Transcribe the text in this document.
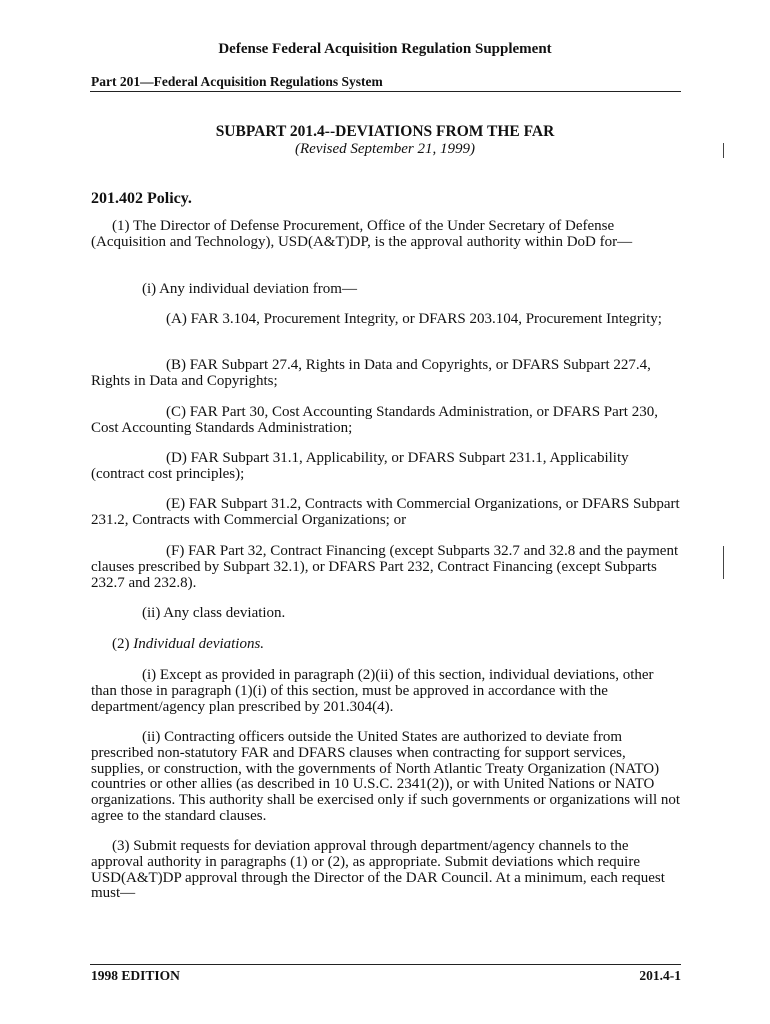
Defense Federal Acquisition Regulation Supplement
Part 201—Federal Acquisition Regulations System
SUBPART 201.4--DEVIATIONS FROM THE FAR
(Revised September 21, 1999)
201.402 Policy.
(1) The Director of Defense Procurement, Office of the Under Secretary of Defense (Acquisition and Technology), USD(A&T)DP, is the approval authority within DoD for—
(i) Any individual deviation from—
(A) FAR 3.104, Procurement Integrity, or DFARS 203.104, Procurement Integrity;
(B) FAR Subpart 27.4, Rights in Data and Copyrights, or DFARS Subpart 227.4, Rights in Data and Copyrights;
(C) FAR Part 30, Cost Accounting Standards Administration, or DFARS Part 230, Cost Accounting Standards Administration;
(D) FAR Subpart 31.1, Applicability, or DFARS Subpart 231.1, Applicability (contract cost principles);
(E) FAR Subpart 31.2, Contracts with Commercial Organizations, or DFARS Subpart 231.2, Contracts with Commercial Organizations; or
(F) FAR Part 32, Contract Financing (except Subparts 32.7 and 32.8 and the payment clauses prescribed by Subpart 32.1), or DFARS Part 232, Contract Financing (except Subparts 232.7 and 232.8).
(ii) Any class deviation.
(2) Individual deviations.
(i) Except as provided in paragraph (2)(ii) of this section, individual deviations, other than those in paragraph (1)(i) of this section, must be approved in accordance with the department/agency plan prescribed by 201.304(4).
(ii) Contracting officers outside the United States are authorized to deviate from prescribed non-statutory FAR and DFARS clauses when contracting for support services, supplies, or construction, with the governments of North Atlantic Treaty Organization (NATO) countries or other allies (as described in 10 U.S.C. 2341(2)), or with United Nations or NATO organizations. This authority shall be exercised only if such governments or organizations will not agree to the standard clauses.
(3) Submit requests for deviation approval through department/agency channels to the approval authority in paragraphs (1) or (2), as appropriate. Submit deviations which require USD(A&T)DP approval through the Director of the DAR Council. At a minimum, each request must—
1998 EDITION	201.4-1
